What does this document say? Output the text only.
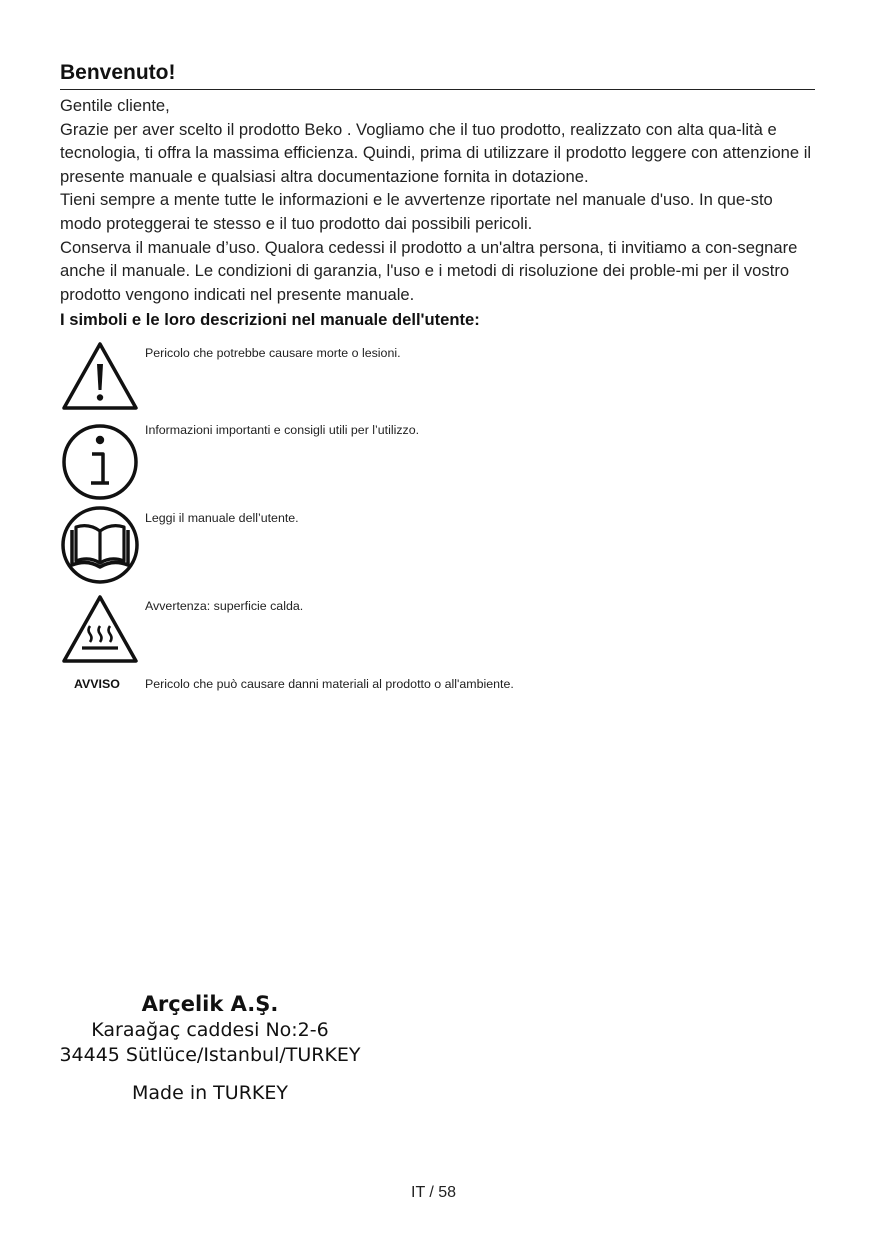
Benvenuto!

Gentile cliente,

Grazie per aver scelto il prodotto Beko . Vogliamo che il tuo prodotto, realizzato con alta qua-lità e tecnologia, ti offra la massima efficienza. Quindi, prima di utilizzare il prodotto leggere con attenzione il presente manuale e qualsiasi altra documentazione fornita in dotazione.

Tieni sempre a mente tutte le informazioni e le avvertenze riportate nel manuale d'uso. In que-sto modo proteggerai te stesso e il tuo prodotto dai possibili pericoli.

Conserva il manuale d’uso. Qualora cedessi il prodotto a un'altra persona, ti invitiamo a con-segnare anche il manuale. Le condizioni di garanzia, l'uso e i metodi di risoluzione dei proble-mi per il vostro prodotto vengono indicati nel presente manuale.

I simboli e le loro descrizioni nel manuale dell'utente:
Pericolo che potrebbe causare morte o lesioni.
Informazioni importanti e consigli utili per l’utilizzo.
Leggi il manuale dell’utente.
Avvertenza: superficie calda.
AVVISO Pericolo che può causare danni materiali al prodotto o all'ambiente.
Arçelik A.Ş.
Karaağaç caddesi No:2-6
34445 Sütlüce/Istanbul/TURKEY
Made in TURKEY
IT / 58
